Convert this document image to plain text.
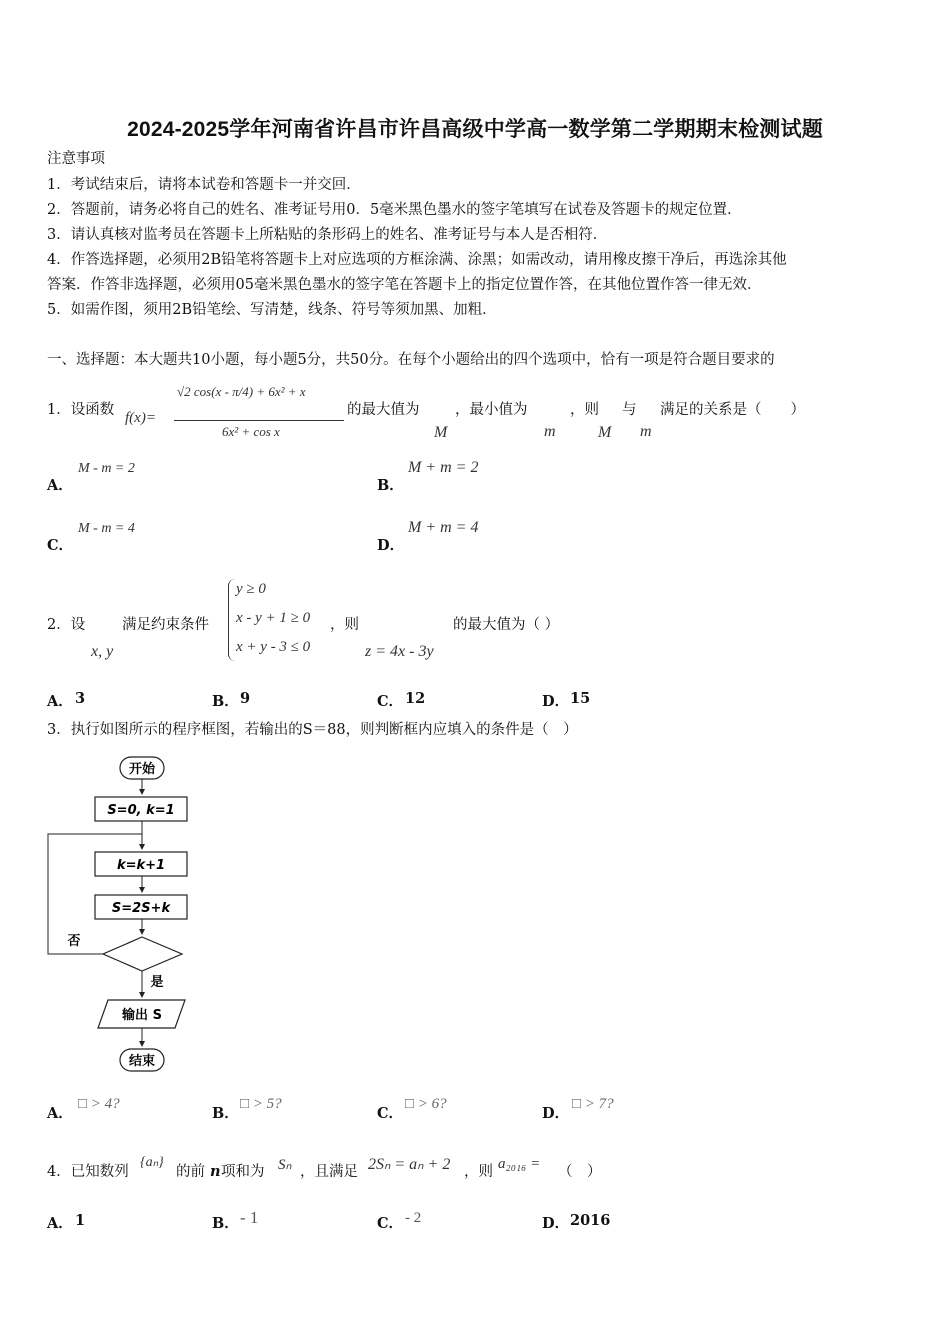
2024-2025学年河南省许昌市许昌高级中学高一数学第二学期期末检测试题
注意事项
1．考试结束后，请将本试卷和答题卡一并交回．
2．答题前，请务必将自己的姓名、准考证号用0．5毫米黑色墨水的签字笔填写在试卷及答题卡的规定位置．
3．请认真核对监考员在答题卡上所粘贴的条形码上的姓名、准考证号与本人是否相符．
4．作答选择题，必须用2B铅笔将答题卡上对应选项的方框涂满、涂黑；如需改动，请用橡皮擦干净后，再选涂其他
答案．作答非选择题，必须用05毫米黑色墨水的签字笔在答题卡上的指定位置作答，在其他位置作答一律无效．
5．如需作图，须用2B铅笔绘、写清楚，线条、符号等须加黑、加粗．
一、选择题：本大题共10小题，每小题5分，共50分。在每个小题给出的四个选项中，恰有一项是符合题目要求的
1．设函数 f(x)=
√2 cos(x - π/4) + 6x² + x
6x² + cos x
的最大值为 ，最小值为	，则 与 满足的关系是（　　）
M	m	M m
A．
M - m = 2
B．
M + m = 2
C．
M - m = 4
D．
M + m = 4
2．设	满足约束条件
x, y
y ≥ 0
x - y + 1 ≥ 0
x + y - 3 ≤ 0
，则
z = 4x - 3y
的最大值为（ ）
A． 3	B． 9	C． 12	D． 15
3．执行如图所示的程序框图，若输出的S＝88，则判断框内应填入的条件是（　）
开始
S=0, k=1
k=k+1
S=2S+k
否
是
输出 S
结束
A．
□ > 4?
B．
□ > 5?
C．
□ > 6?
D．
□ > 7?
4．已知数列
{aₙ}
的前 n 项和为 Sₙ ，且满足 2Sₙ = aₙ + 2 ，则 a₂₀₁₆ = （　）
A． 1	B． - 1	C． - 2	D． 2016
